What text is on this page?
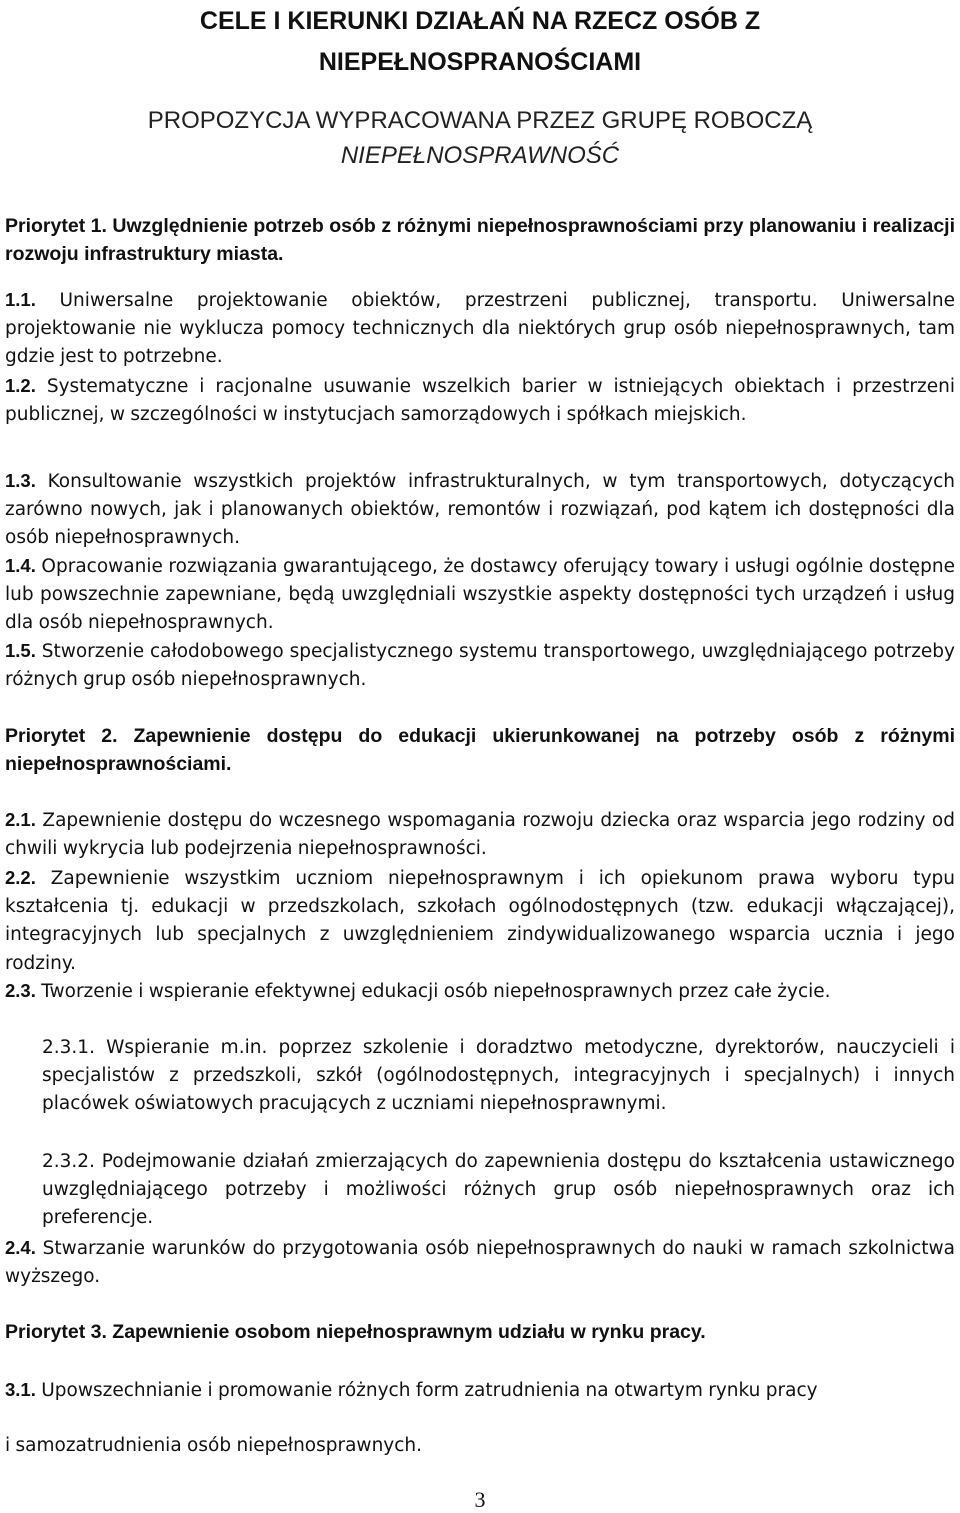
CELE I KIERUNKI DZIAŁAŃ NA RZECZ OSÓB Z
NIEPEŁNOSPRANOŚCIAMI
PROPOZYCJA WYPRACOWANA PRZEZ GRUPĘ ROBOCZĄ
NIEPEŁNOSPRAWNOŚĆ
Priorytet 1. Uwzględnienie potrzeb osób z różnymi niepełnosprawnościami przy planowaniu i realizacji rozwoju infrastruktury miasta.
1.1. Uniwersalne projektowanie obiektów, przestrzeni publicznej, transportu. Uniwersalne projektowanie nie wyklucza pomocy technicznych dla niektórych grup osób niepełnosprawnych, tam gdzie jest to potrzebne.
1.2. Systematyczne i racjonalne usuwanie wszelkich barier w istniejących obiektach i przestrzeni publicznej, w szczególności w instytucjach samorządowych i spółkach miejskich.
1.3. Konsultowanie wszystkich projektów infrastrukturalnych, w tym transportowych, dotyczących zarówno nowych, jak i planowanych obiektów, remontów i rozwiązań, pod kątem ich dostępności dla osób niepełnosprawnych.
1.4. Opracowanie rozwiązania gwarantującego, że dostawcy oferujący towary i usługi ogólnie dostępne lub powszechnie zapewniane, będą uwzględniali wszystkie aspekty dostępności tych urządzeń i usług dla osób niepełnosprawnych.
1.5. Stworzenie całodobowego specjalistycznego systemu transportowego, uwzględniającego potrzeby różnych grup osób niepełnosprawnych.
Priorytet 2. Zapewnienie dostępu do edukacji ukierunkowanej na potrzeby osób z różnymi niepełnosprawnościami.
2.1. Zapewnienie dostępu do wczesnego wspomagania rozwoju dziecka oraz wsparcia jego rodziny od chwili wykrycia lub podejrzenia niepełnosprawności.
2.2. Zapewnienie wszystkim uczniom niepełnosprawnym i ich opiekunom prawa wyboru typu kształcenia tj. edukacji w przedszkolach, szkołach ogólnodostępnych (tzw. edukacji włączającej), integracyjnych lub specjalnych z uwzględnieniem zindywidualizowanego wsparcia ucznia i jego rodziny.
2.3. Tworzenie i wspieranie efektywnej edukacji osób niepełnosprawnych przez całe życie.
2.3.1. Wspieranie m.in. poprzez szkolenie i doradztwo metodyczne, dyrektorów, nauczycieli i specjalistów z przedszkoli, szkół (ogólnodostępnych, integracyjnych i specjalnych) i innych placówek oświatowych pracujących z uczniami niepełnosprawnymi.
2.3.2. Podejmowanie działań zmierzających do zapewnienia dostępu do kształcenia ustawicznego uwzględniającego potrzeby i możliwości różnych grup osób niepełnosprawnych oraz ich preferencje.
2.4. Stwarzanie warunków do przygotowania osób niepełnosprawnych do nauki w ramach szkolnictwa wyższego.
Priorytet 3. Zapewnienie osobom niepełnosprawnym udziału w rynku pracy.
3.1. Upowszechnianie i promowanie różnych form zatrudnienia na otwartym rynku pracy
i samozatrudnienia osób niepełnosprawnych.
3
